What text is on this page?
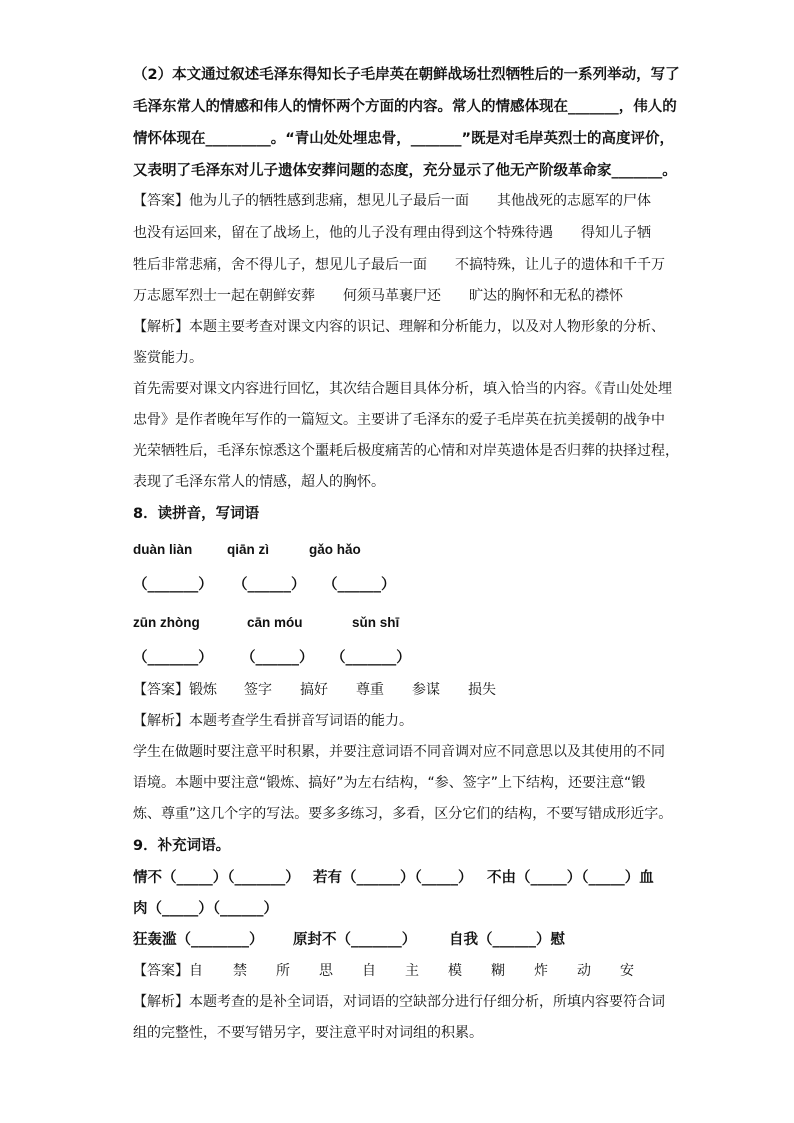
（2）本文通过叙述毛泽东得知长子毛岸英在朝鲜战场壮烈牺牲后的一系列举动，写了
毛泽东常人的情感和伟人的情怀两个方面的内容。常人的情感体现在_______，伟人的
情怀体现在_________。“青山处处埋忠骨，_______”既是对毛岸英烈士的高度评价，
又表明了毛泽东对儿子遗体安葬问题的态度，充分显示了他无产阶级革命家_______。
【答案】他为儿子的牺牲感到悲痛，想见儿子最后一面　　其他战死的志愿军的尸体
也没有运回来，留在了战场上，他的儿子没有理由得到这个特殊待遇　　得知儿子牺
牲后非常悲痛，舍不得儿子，想见儿子最后一面　　不搞特殊，让儿子的遗体和千千万
万志愿军烈士一起在朝鲜安葬　　何须马革裹尸还　　旷达的胸怀和无私的襟怀
【解析】本题主要考查对课文内容的识记、理解和分析能力，以及对人物形象的分析、
鉴赏能力。
首先需要对课文内容进行回忆，其次结合题目具体分析，填入恰当的内容。《青山处处埋
忠骨》是作者晚年写作的一篇短文。主要讲了毛泽东的爱子毛岸英在抗美援朝的战争中
光荣牺牲后，毛泽东惊悉这个噩耗后极度痛苦的心情和对岸英遗体是否归葬的抉择过程，
表现了毛泽东常人的情感，超人的胸怀。
8．读拼音，写词语
duàn liàn	qiān zì	gǎo hǎo
（_______） （______） （______）
zūn zhòng	cān móu	sǔn shī
（_______） （______） （_______）
【答案】 锻炼 签字 搞好 尊重 参谋 损失
【解析】本题考查学生看拼音写词语的能力。
学生在做题时要注意平时积累，并要注意词语不同音调对应不同意思以及其使用的不同
语境。本题中要注意“锻炼、搞好”为左右结构，“参、签字”上下结构，还要注意“锻
炼、尊重”这几个字的写法。要多多练习，多看，区分它们的结构，不要写错成形近字。
9．补充词语。
情不（_____）（_______） 若有（______）（_____） 不由（_____）（_____）血
肉（_____）（______）
狂轰滥（________） 原封不（_______） 自我（______）慰
【答案】 自 禁 所 思 自 主 模 糊 炸 动 安
【解析】本题考查的是补全词语，对词语的空缺部分进行仔细分析，所填内容要符合词
组的完整性，不要写错另字，要注意平时对词组的积累。
